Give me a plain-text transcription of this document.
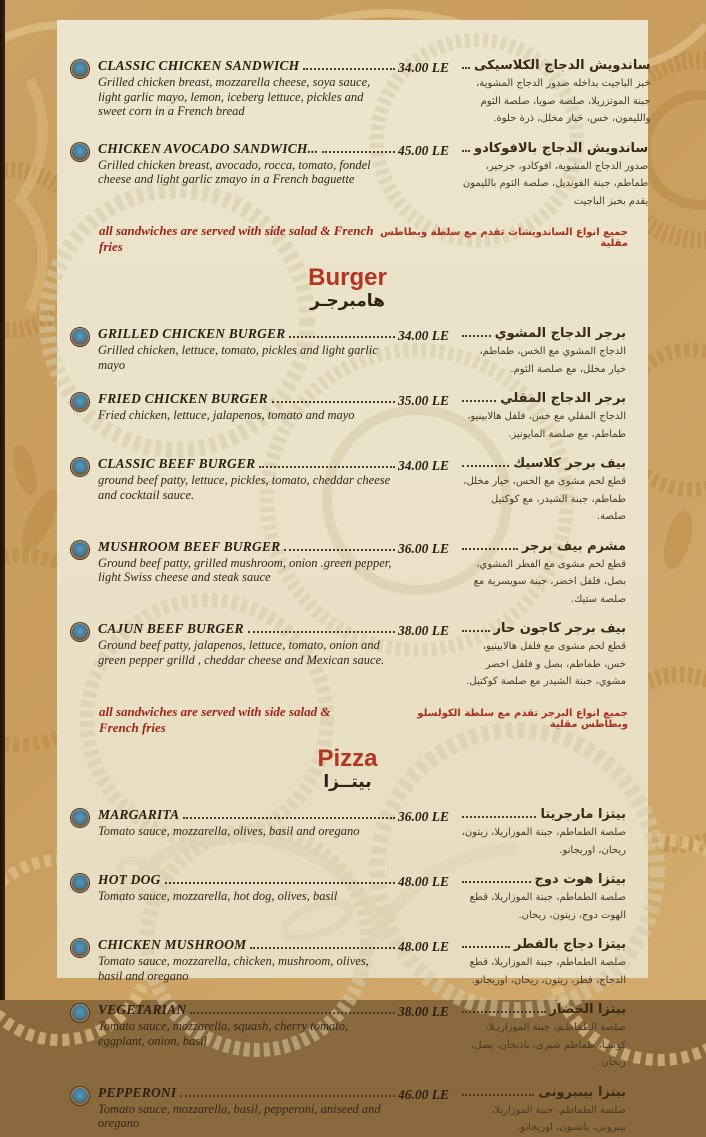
CLASSIC CHICKEN SANDWICH
Grilled chicken breast, mozzarella cheese, soya sauce, light garlic mayo, lemon, iceberg lettuce, pickles and sweet corn in a French bread
34.00 LE	ساندويش الدجاج الكلاسيكى
خبز الباجيت بداخله صدور الدجاج المشوية، جبنة الموتزريلا، صلصة صويا، صلصة الثوم والليمون، خس، خيار مخلل، ذرة حلوة.
CHICKEN AVOCADO SANDWICH...
Grilled chicken breast, avocado, rocca, tomato, fondel cheese and light garlic zmayo in a French baguette
45.00 LE	ساندويش الدجاج بالافوكادو
صدور الدجاج المشوية، افوكادو، جرجير، طماطم، جبنة الفونديل، صلصة الثوم بالليمون يقدم بخبز الباجيت
all sandwiches are served with side salad & French fries
جميع انواع الساندويشات تقدم مع سلطة وبطاطس مقلية
Burger
هامبرجـر
GRILLED CHICKEN BURGER
Grilled chicken, lettuce, tomato, pickles and light garlic mayo
34.00 LE	برجر الدجاج المشوي
الدجاج المشوي مع الخس، طماطم، خيار مخلل، مع صلصة الثوم.
FRIED CHICKEN BURGER
Fried chicken, lettuce, jalapenos, tomato and mayo
35.00 LE	برجر الدجاج المقلي
الدجاج المقلي مع خس، فلفل هالابينيو، طماطم، مع صلصة المايونيز.
CLASSIC BEEF BURGER
ground beef patty, lettuce, pickles, tomato, cheddar cheese and cocktail sauce.
34.00 LE	بيف برجر كلاسيك
قطع لحم مشوى مع الخس، خيار مخلل، طماطم، جبنة الشيدر، مع كوكتيل صلصة.
MUSHROOM BEEF BURGER
Ground beef patty, grilled mushroom, onion .green pepper, light Swiss cheese and steak sauce
36.00 LE	مشرم بيف برجر
قطع لحم مشوى مع الفطر المشوي، بصل، فلفل اخضر، جبنة سويسرية مع صلصة ستيك.
CAJUN BEEF BURGER
Ground beef patty, jalapenos, lettuce, tomato, onion and green pepper grilld , cheddar cheese and Mexican sauce.
38.00 LE	بيف برجر كاجون حار
قطع لحم مشوى مع فلفل هالابينيو، خس، طماطم، بصل و فلفل اخضر مشوي، جبنة الشيدر مع صلصة كوكتيل.
all sandwiches are served with side salad & French fries
جميع انواع البرجر تقدم مع سلطة الكولسلو وبطاطس مقلية
Pizza
بيتــزا
MARGARITA
Tomato sauce, mozzarella, olives, basil and oregano
36.00 LE	بيتزا مارجريتا
صلصة الطماطم، جبنة الموزاريلا، زيتون، ريحان، اوريجانو.
HOT DOG
Tomato sauce, mozzarella, hot dog, olives, basil
48.00 LE	بيتزا هوت دوج
صلصة الطماطم، جبنة الموزاريلا، قطع الهوت دوج، زيتون، ريحان.
CHICKEN MUSHROOM
Tomato sauce, mozzarella, chicken, mushroom, olives, basil and oregano
48.00 LE	بيتزا دجاج بالفطر
صلصة الطماطم، جبنة الموزاريلا، قطع الدجاج، فطر، زيتون، ريحان، اوريجانو.
VEGETARIAN
Tomato sauce, mozzarella, squash, cherry tomato, eggplant, onion, basil
38.00 LE	بيتزا الخضار
صلصة الطماطـم، جبنة الموزاريـلا، كوسـا، طماطم شيرى، باذنجان، بصل، ريحان.
PEPPERONI
Tomato sauce, mozzarella, basil, pepperoni, aniseed and oregano
46.00 LE	بيتزا بيبيرونى
صلصة الطماطم، جبنة الموزاريلا، بيبرونى، يانسون، اوريجانو.
